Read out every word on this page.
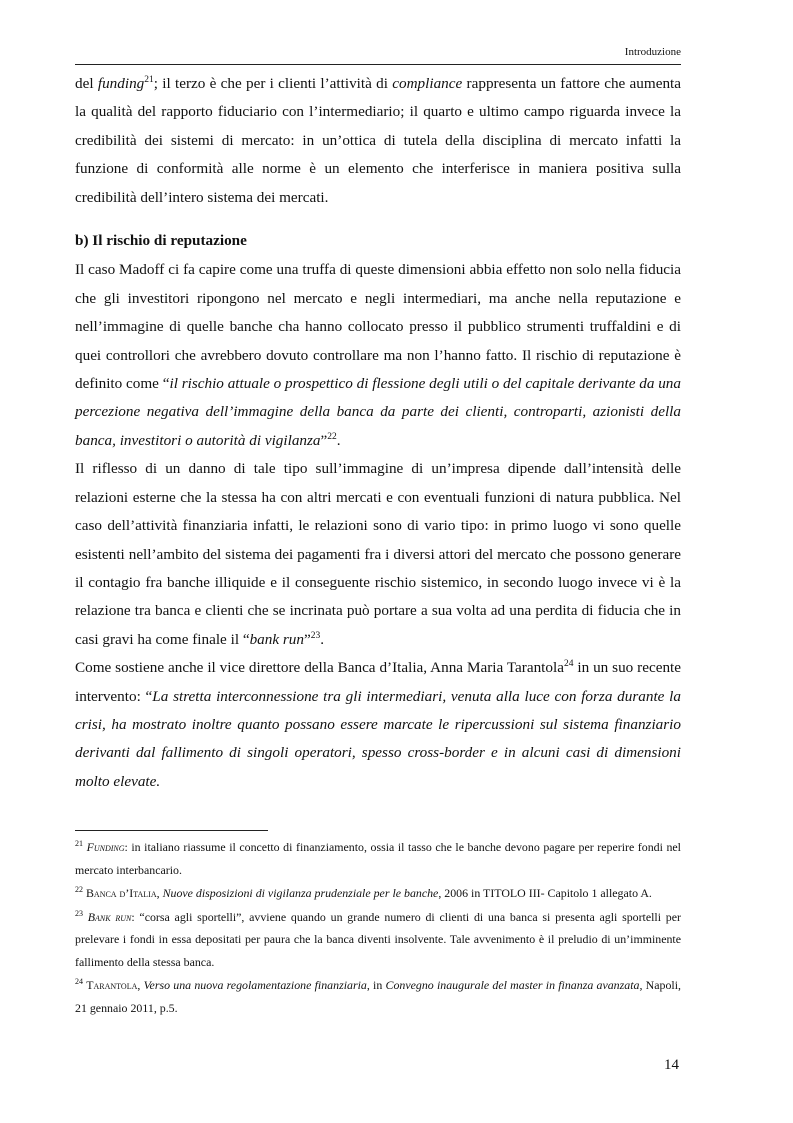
Introduzione

del funding$^{21}$; il terzo è che per i clienti l’attività di compliance rappresenta un fattore che aumenta la qualità del rapporto fiduciario con l’intermediario; il quarto e ultimo campo riguarda invece la credibilità dei sistemi di mercato: in un’ottica di tutela della disciplina di mercato infatti la funzione di conformità alle norme è un elemento che interferisce in maniera positiva sulla credibilità dell’intero sistema dei mercati.

b) Il rischio di reputazione

Il caso Madoff ci fa capire come una truffa di queste dimensioni abbia effetto non solo nella fiducia che gli investitori ripongono nel mercato e negli intermediari, ma anche nella reputazione e nell’immagine di quelle banche cha hanno collocato presso il pubblico strumenti truffaldini e di quei controllori che avrebbero dovuto controllare ma non l’hanno fatto. Il rischio di reputazione è definito come “il rischio attuale o prospettico di flessione degli utili o del capitale derivante da una percezione negativa dell’immagine della banca da parte dei clienti, controparti, azionisti della banca, investitori o autorità di vigilanza”$^{22}$.

Il riflesso di un danno di tale tipo sull’immagine di un’impresa dipende dall’intensità delle relazioni esterne che la stessa ha con altri mercati e con eventuali funzioni di natura pubblica. Nel caso dell’attività finanziaria infatti, le relazioni sono di vario tipo: in primo luogo vi sono quelle esistenti nell’ambito del sistema dei pagamenti fra i diversi attori del mercato che possono generare il contagio fra banche illiquide e il conseguente rischio sistemico, in secondo luogo invece vi è la relazione tra banca e clienti che se incrinata può portare a sua volta ad una perdita di fiducia che in casi gravi ha come finale il “bank run”$^{23}$.

Come sostiene anche il vice direttore della Banca d’Italia, Anna Maria Tarantola$^{24}$ in un suo recente intervento: “La stretta interconnessione tra gli intermediari, venuta alla luce con forza durante la crisi, ha mostrato inoltre quanto possano essere marcate le ripercussioni sul sistema finanziario derivanti dal fallimento di singoli operatori, spesso cross-border e in alcuni casi di dimensioni molto elevate.

$^{21}$ Funding: in italiano riassume il concetto di finanziamento, ossia il tasso che le banche devono pagare per reperire fondi nel mercato interbancario.

$^{22}$ Banca d’Italia, Nuove disposizioni di vigilanza prudenziale per le banche, 2006 in TITOLO III- Capitolo 1 allegato A.

$^{23}$ Bank run: “corsa agli sportelli”, avviene quando un grande numero di clienti di una banca si presenta agli sportelli per prelevare i fondi in essa depositati per paura che la banca diventi insolvente. Tale avvenimento è il preludio di un’imminente fallimento della stessa banca.

$^{24}$ Tarantola, Verso una nuova regolamentazione finanziaria, in Convegno inaugurale del master in finanza avanzata, Napoli, 21 gennaio 2011, p.5.

14
